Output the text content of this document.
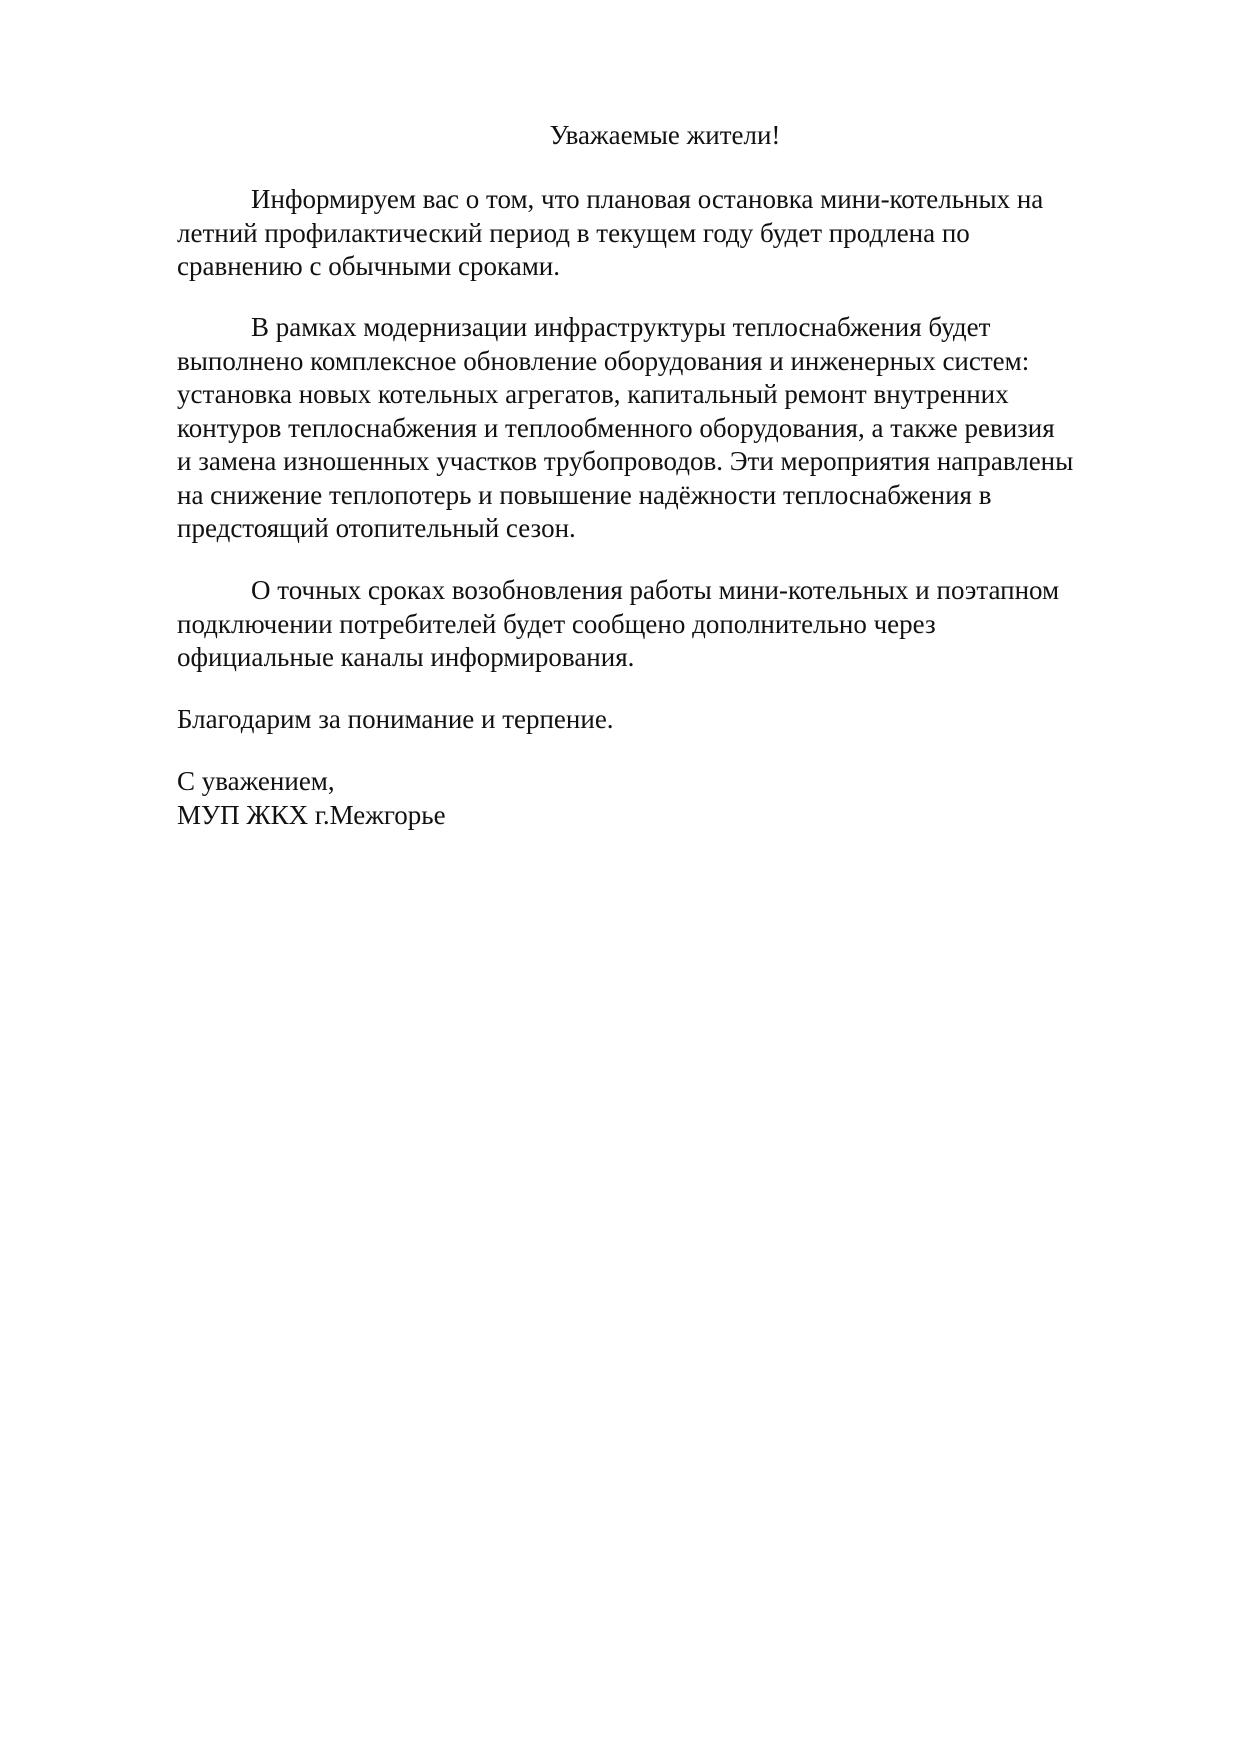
Уважаемые жители!
Информируем вас о том, что плановая остановка мини-котельных на
летний профилактический период в текущем году будет продлена по
сравнению с обычными сроками.
В рамках модернизации инфраструктуры теплоснабжения будет
выполнено комплексное обновление оборудования и инженерных систем:
установка новых котельных агрегатов, капитальный ремонт внутренних
контуров теплоснабжения и теплообменного оборудования, а также ревизия
и замена изношенных участков трубопроводов. Эти мероприятия направлены
на снижение теплопотерь и повышение надёжности теплоснабжения в
предстоящий отопительный сезон.
О точных сроках возобновления работы мини-котельных и поэтапном
подключении потребителей будет сообщено дополнительно через
официальные каналы информирования.
Благодарим за понимание и терпение.
С уважением,
МУП ЖКХ г.Межгорье
